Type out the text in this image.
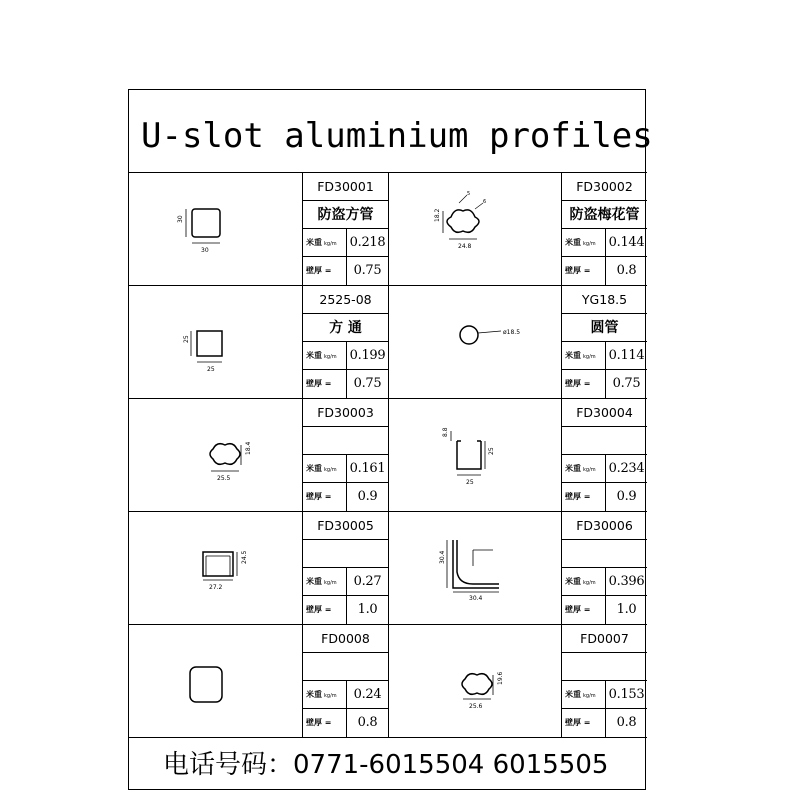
U-slot aluminium profiles
30
30
FD30001
防盗方管
米重 kg/m	0.218
壁厚 =	0.75
18.2
24.8
5
6
FD30002
防盗梅花管
米重 kg/m	0.144
壁厚 =	0.8
25
25
2525-08
方 通
米重 kg/m	0.199
壁厚 =	0.75
ø18.5
YG18.5
圆管
米重 kg/m	0.114
壁厚 =	0.75
18.4
25.5
FD30003
米重 kg/m	0.161
壁厚 =	0.9
8.8
25
25
FD30004
米重 kg/m	0.234
壁厚 =	0.9
24.5
27.2
FD30005
米重 kg/m	0.27
壁厚 =	1.0
30.4
30.4
FD30006
米重 kg/m	0.396
壁厚 =	1.0
FD0008
米重 kg/m	0.24
壁厚 =	0.8
19.6
25.6
FD0007
米重 kg/m	0.153
壁厚 =	0.8
电话号码：0771-6015504 6015505
